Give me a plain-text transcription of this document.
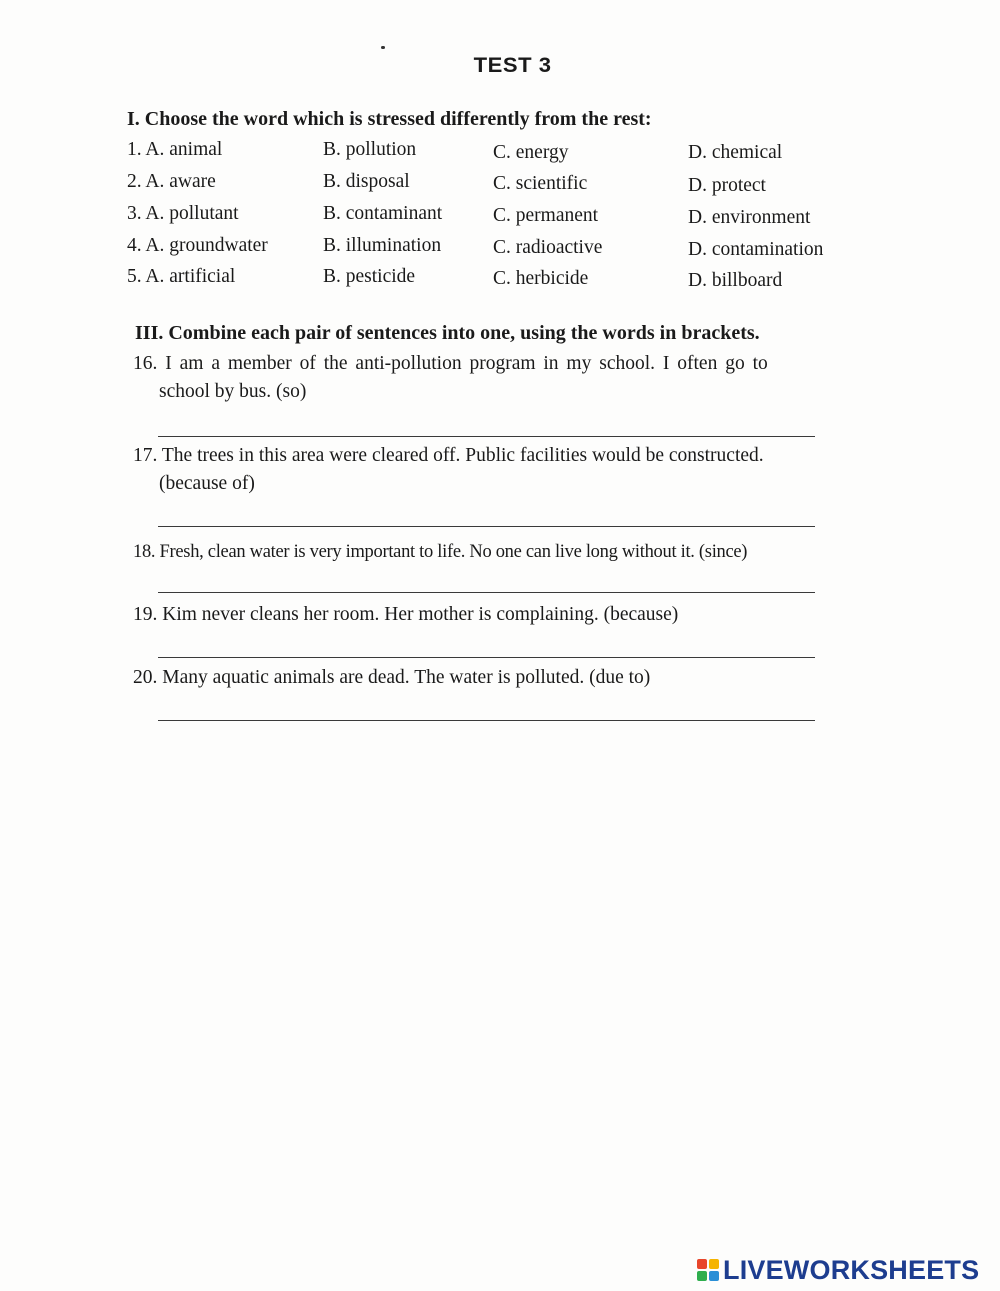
TEST 3
I. Choose the word which is stressed differently from the rest:
1. A. animal	B. pollution	C. energy	D. chemical
2. A. aware	B. disposal	C. scientific	D. protect
3. A. pollutant	B. contaminant	C. permanent	D. environment
4. A. groundwater	B. illumination	C. radioactive	D. contamination
5. A. artificial	B. pesticide	C. herbicide	D. billboard
III. Combine each pair of sentences into one, using the words in brackets.
16. I am a member of the anti-pollution program in my school. I often go to
school by bus. (so)
17. The trees in this area were cleared off. Public facilities would be constructed.
(because of)
18. Fresh, clean water is very important to life. No one can live long without it. (since)
19. Kim never cleans her room. Her mother is complaining. (because)
20. Many aquatic animals are dead. The water is polluted. (due to)
LIVEWORKSHEETS
